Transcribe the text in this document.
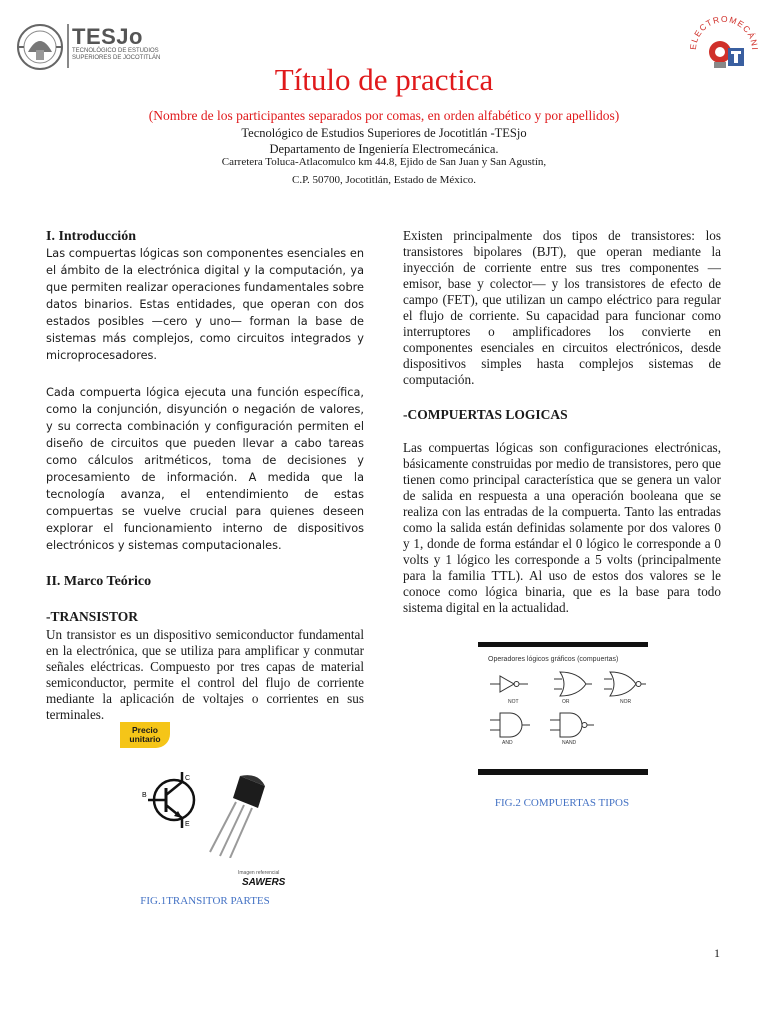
TESJo
TECNOLÓGICO DE ESTUDIOS SUPERIORES DE JOCOTITLÁN
ELECTROMECÁNI
Título de practica
(Nombre de los participantes separados por comas, en orden alfabético y por apellidos)
Tecnológico de Estudios Superiores de Jocotitlán -TESjo
Departamento de Ingeniería Electromecánica.
Carretera Toluca-Atlacomulco km 44.8, Ejido de San Juan y San Agustín,
C.P. 50700, Jocotitlán, Estado de México.
I. Introducción
Las compuertas lógicas son componentes esenciales en el ámbito de la electrónica digital y la computación, ya que permiten realizar operaciones fundamentales sobre datos binarios. Estas entidades, que operan con dos estados posibles —cero y uno— forman la base de sistemas más complejos, como circuitos integrados y microprocesadores.
Cada compuerta lógica ejecuta una función específica, como la conjunción, disyunción o negación de valores, y su correcta combinación y configuración permiten el diseño de circuitos que pueden llevar a cabo tareas como cálculos aritméticos, toma de decisiones y procesamiento de información. A medida que la tecnología avanza, el entendimiento de estas compuertas se vuelve crucial para quienes deseen explorar el funcionamiento interno de dispositivos electrónicos y sistemas computacionales.
II. Marco Teórico
-TRANSISTOR
Un transistor es un dispositivo semiconductor fundamental en la electrónica, que se utiliza para amplificar y conmutar señales eléctricas. Compuesto por tres capas de material semiconductor, permite el control del flujo de corriente mediante la aplicación de voltajes o corrientes en sus terminales.
Precio unitario
B
C
E
Imagen referencial
SAWERS
FIG.1TRANSITOR PARTES
Existen principalmente dos tipos de transistores: los transistores bipolares (BJT), que operan mediante la inyección de corriente entre sus tres componentes — emisor, base y colector— y los transistores de efecto de campo (FET), que utilizan un campo eléctrico para regular el flujo de corriente. Su capacidad para funcionar como interruptores o amplificadores los convierte en componentes esenciales en circuitos electrónicos, desde dispositivos simples hasta complejos sistemas de computación.
-COMPUERTAS LOGICAS
Las compuertas lógicas son configuraciones electrónicas, básicamente construidas por medio de transistores, pero que tienen como principal característica que se genera un valor de salida en respuesta a una operación booleana que se realiza con las entradas de la compuerta. Tanto las entradas como la salida están definidas solamente por dos valores 0 y 1, donde de forma estándar el 0 lógico le corresponde a 0 volts y 1 lógico les corresponde a 5 volts (principalmente para la familia TTL). Al uso de estos dos valores se le conoce como lógica binaria, que es la base para todo sistema digital en la actualidad.
Operadores lógicos gráficos (compuertas)
NOT	OR	NOR
AND	NAND
FIG.2 COMPUERTAS TIPOS
1
